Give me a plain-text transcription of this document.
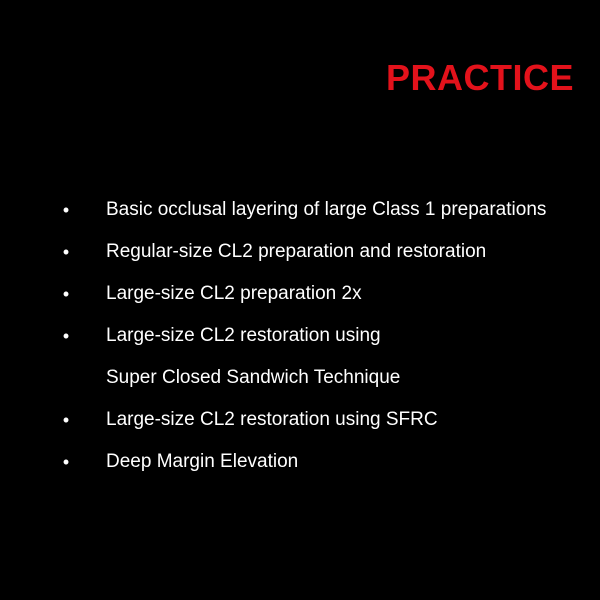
PRACTICE
• Basic occlusal layering of large Class 1 preparations
• Regular-size CL2 preparation and restoration
• Large-size CL2 preparation 2x
• Large-size CL2 restoration using
Super Closed Sandwich Technique
• Large-size CL2 restoration using SFRC
• Deep Margin Elevation
